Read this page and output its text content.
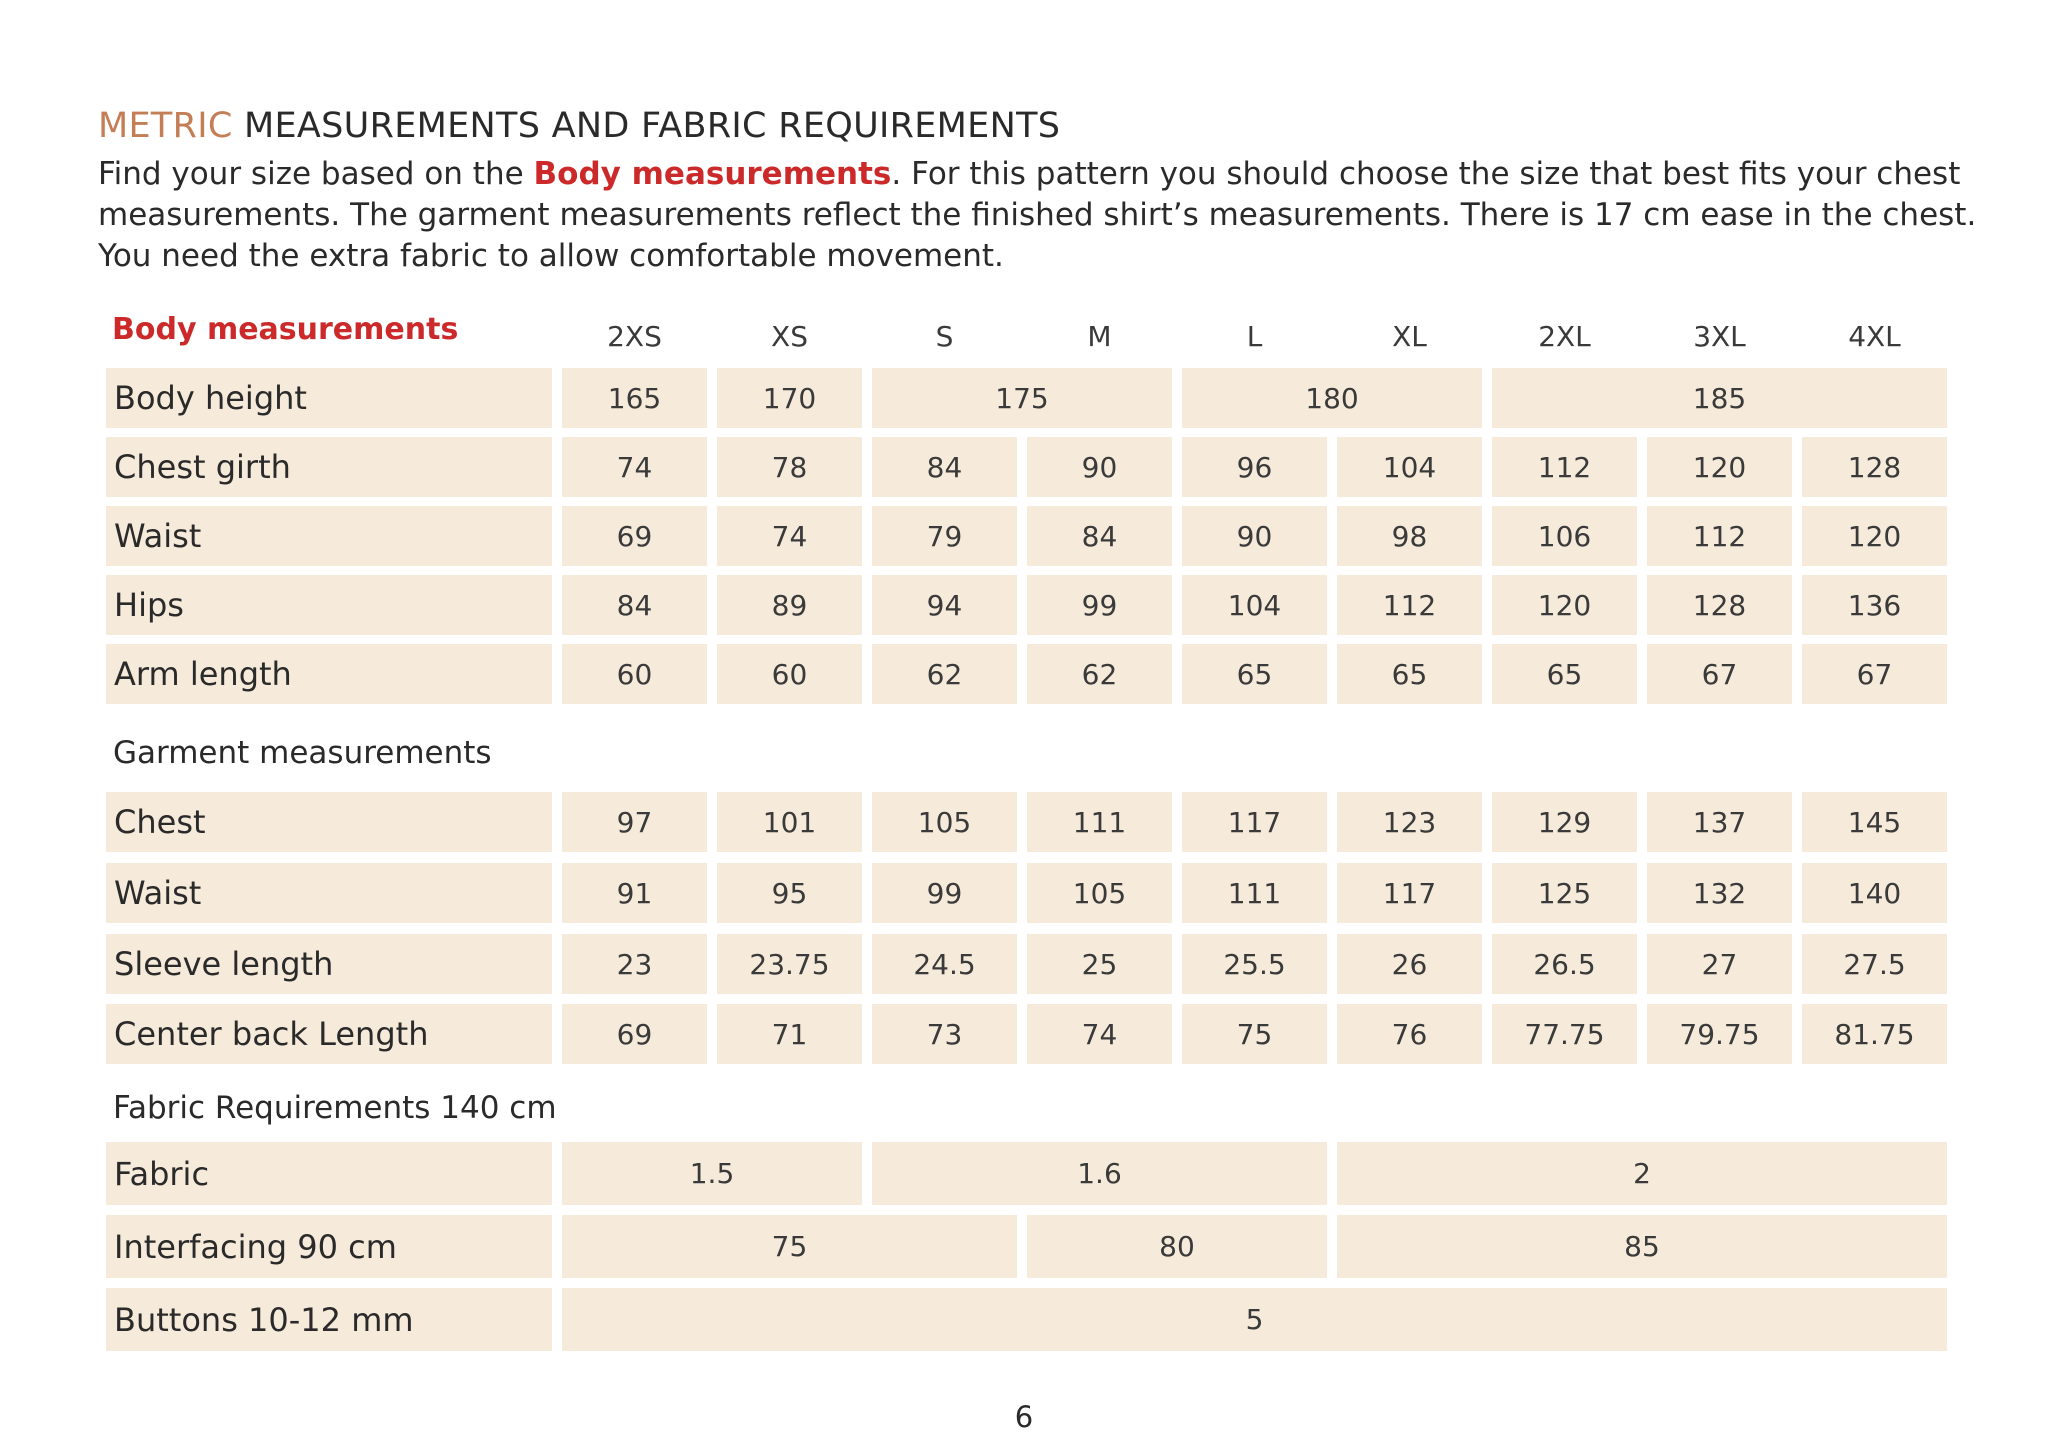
METRIC MEASUREMENTS AND FABRIC REQUIREMENTS
Find your size based on the Body measurements. For this pattern you should choose the size that best fits your chest
measurements. The garment measurements reflect the finished shirt’s measurements. There is 17 cm ease in the chest.
You need the extra fabric to allow comfortable movement.
Body measurements	2XS	XS	S	M	L	XL	2XL	3XL	4XL
Body height	165	170	175	180	185
Chest girth	74	78	84	90	96	104	112	120	128
Waist	69	74	79	84	90	98	106	112	120
Hips	84	89	94	99	104	112	120	128	136
Arm length	60	60	62	62	65	65	65	67	67
Garment measurements
Chest	97	101	105	111	117	123	129	137	145
Waist	91	95	99	105	111	117	125	132	140
Sleeve length	23	23.75	24.5	25	25.5	26	26.5	27	27.5
Center back Length	69	71	73	74	75	76	77.75	79.75	81.75
Fabric Requirements 140 cm
Fabric	1.5	1.6	2
Interfacing 90 cm	75	80	85
Buttons 10-12 mm	5
6
